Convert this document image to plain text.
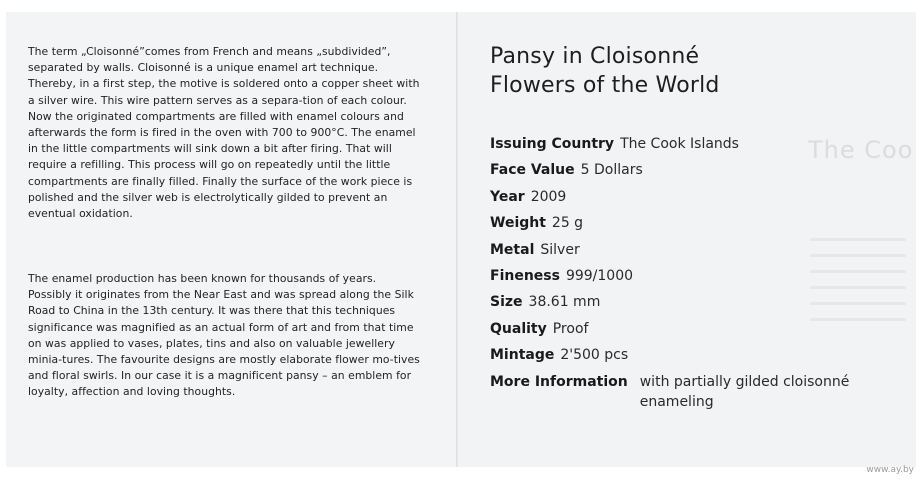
The term „Cloisonné”comes from French and means „subdivided”, separated by walls. Cloisonné is a unique enamel art technique. Thereby, in a first step, the motive is soldered onto a copper sheet with a silver wire. This wire pattern serves as a separa-tion of each colour. Now the originated compartments are filled with enamel colours and afterwards the form is fired in the oven with 700 to 900°C. The enamel in the little compartments will sink down a bit after firing. That will require a refilling. This process will go on repeatedly until the little compartments are finally filled. Finally the surface of the work piece is polished and the silver web is electrolytically gilded to prevent an eventual oxidation.

The enamel production has been known for thousands of years. Possibly it originates from the Near East and was spread along the Silk Road to China in the 13th century. It was there that this techniques significance was magnified as an actual form of art and from that time on was applied to vases, plates, tins and also on valuable jewellery minia-tures. The favourite designs are mostly elaborate flower mo-tives and floral swirls. In our case it is a magnificent pansy – an emblem for loyalty, affection and loving thoughts.

The Coo
Pansy in Cloisonné
Flowers of the World
Issuing Country The Cook Islands
Face Value 5 Dollars
Year 2009
Weight 25 g
Metal Silver
Fineness 999/1000
Size 38.61 mm
Quality Proof
Mintage 2'500 pcs
More Information with partially gilded cloisonné enameling
www.ay.by
